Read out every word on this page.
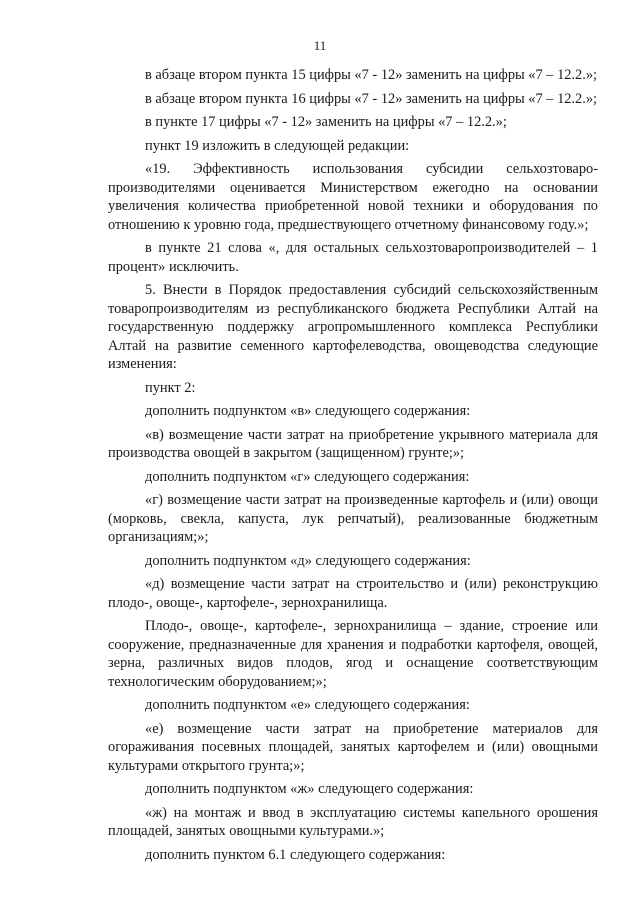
11

в абзаце втором пункта 15 цифры «7 - 12» заменить на цифры «7 – 12.2.»;

в абзаце втором пункта 16 цифры «7 - 12» заменить на цифры «7 – 12.2.»;

в пункте 17 цифры «7 - 12» заменить на цифры «7 – 12.2.»;

пункт 19 изложить в следующей редакции:

«19. Эффективность использования субсидии сельхозтоваро-производителями оценивается Министерством ежегодно на основании увеличения количества приобретенной новой техники и оборудования по отношению к уровню года, предшествующего отчетному финансовому году.»;

в пункте 21 слова «, для остальных сельхозтоваропроизводителей – 1 процент» исключить.

5. Внести в Порядок предоставления субсидий сельскохозяйственным товаропроизводителям из республиканского бюджета Республики Алтай на государственную поддержку агропромышленного комплекса Республики Алтай на развитие семенного картофелеводства, овощеводства следующие изменения:

пункт 2:

дополнить подпунктом «в» следующего содержания:

«в) возмещение части затрат на приобретение укрывного материала для производства овощей в закрытом (защищенном) грунте;»;

дополнить подпунктом «г» следующего содержания:

«г) возмещение части затрат на произведенные картофель и (или) овощи (морковь, свекла, капуста, лук репчатый), реализованные бюджетным организациям;»;

дополнить подпунктом «д» следующего содержания:

«д) возмещение части затрат на строительство и (или) реконструкцию плодо-, овоще-, картофеле-, зернохранилища.

Плодо-, овоще-, картофеле-, зернохранилища – здание, строение или сооружение, предназначенные для хранения и подработки картофеля, овощей, зерна, различных видов плодов, ягод и оснащение соответствующим технологическим оборудованием;»;

дополнить подпунктом «е» следующего содержания:

«е) возмещение части затрат на приобретение материалов для огораживания посевных площадей, занятых картофелем и (или) овощными культурами открытого грунта;»;

дополнить подпунктом «ж» следующего содержания:

«ж) на монтаж и ввод в эксплуатацию системы капельного орошения площадей, занятых овощными культурами.»;

дополнить пунктом 6.1 следующего содержания:
